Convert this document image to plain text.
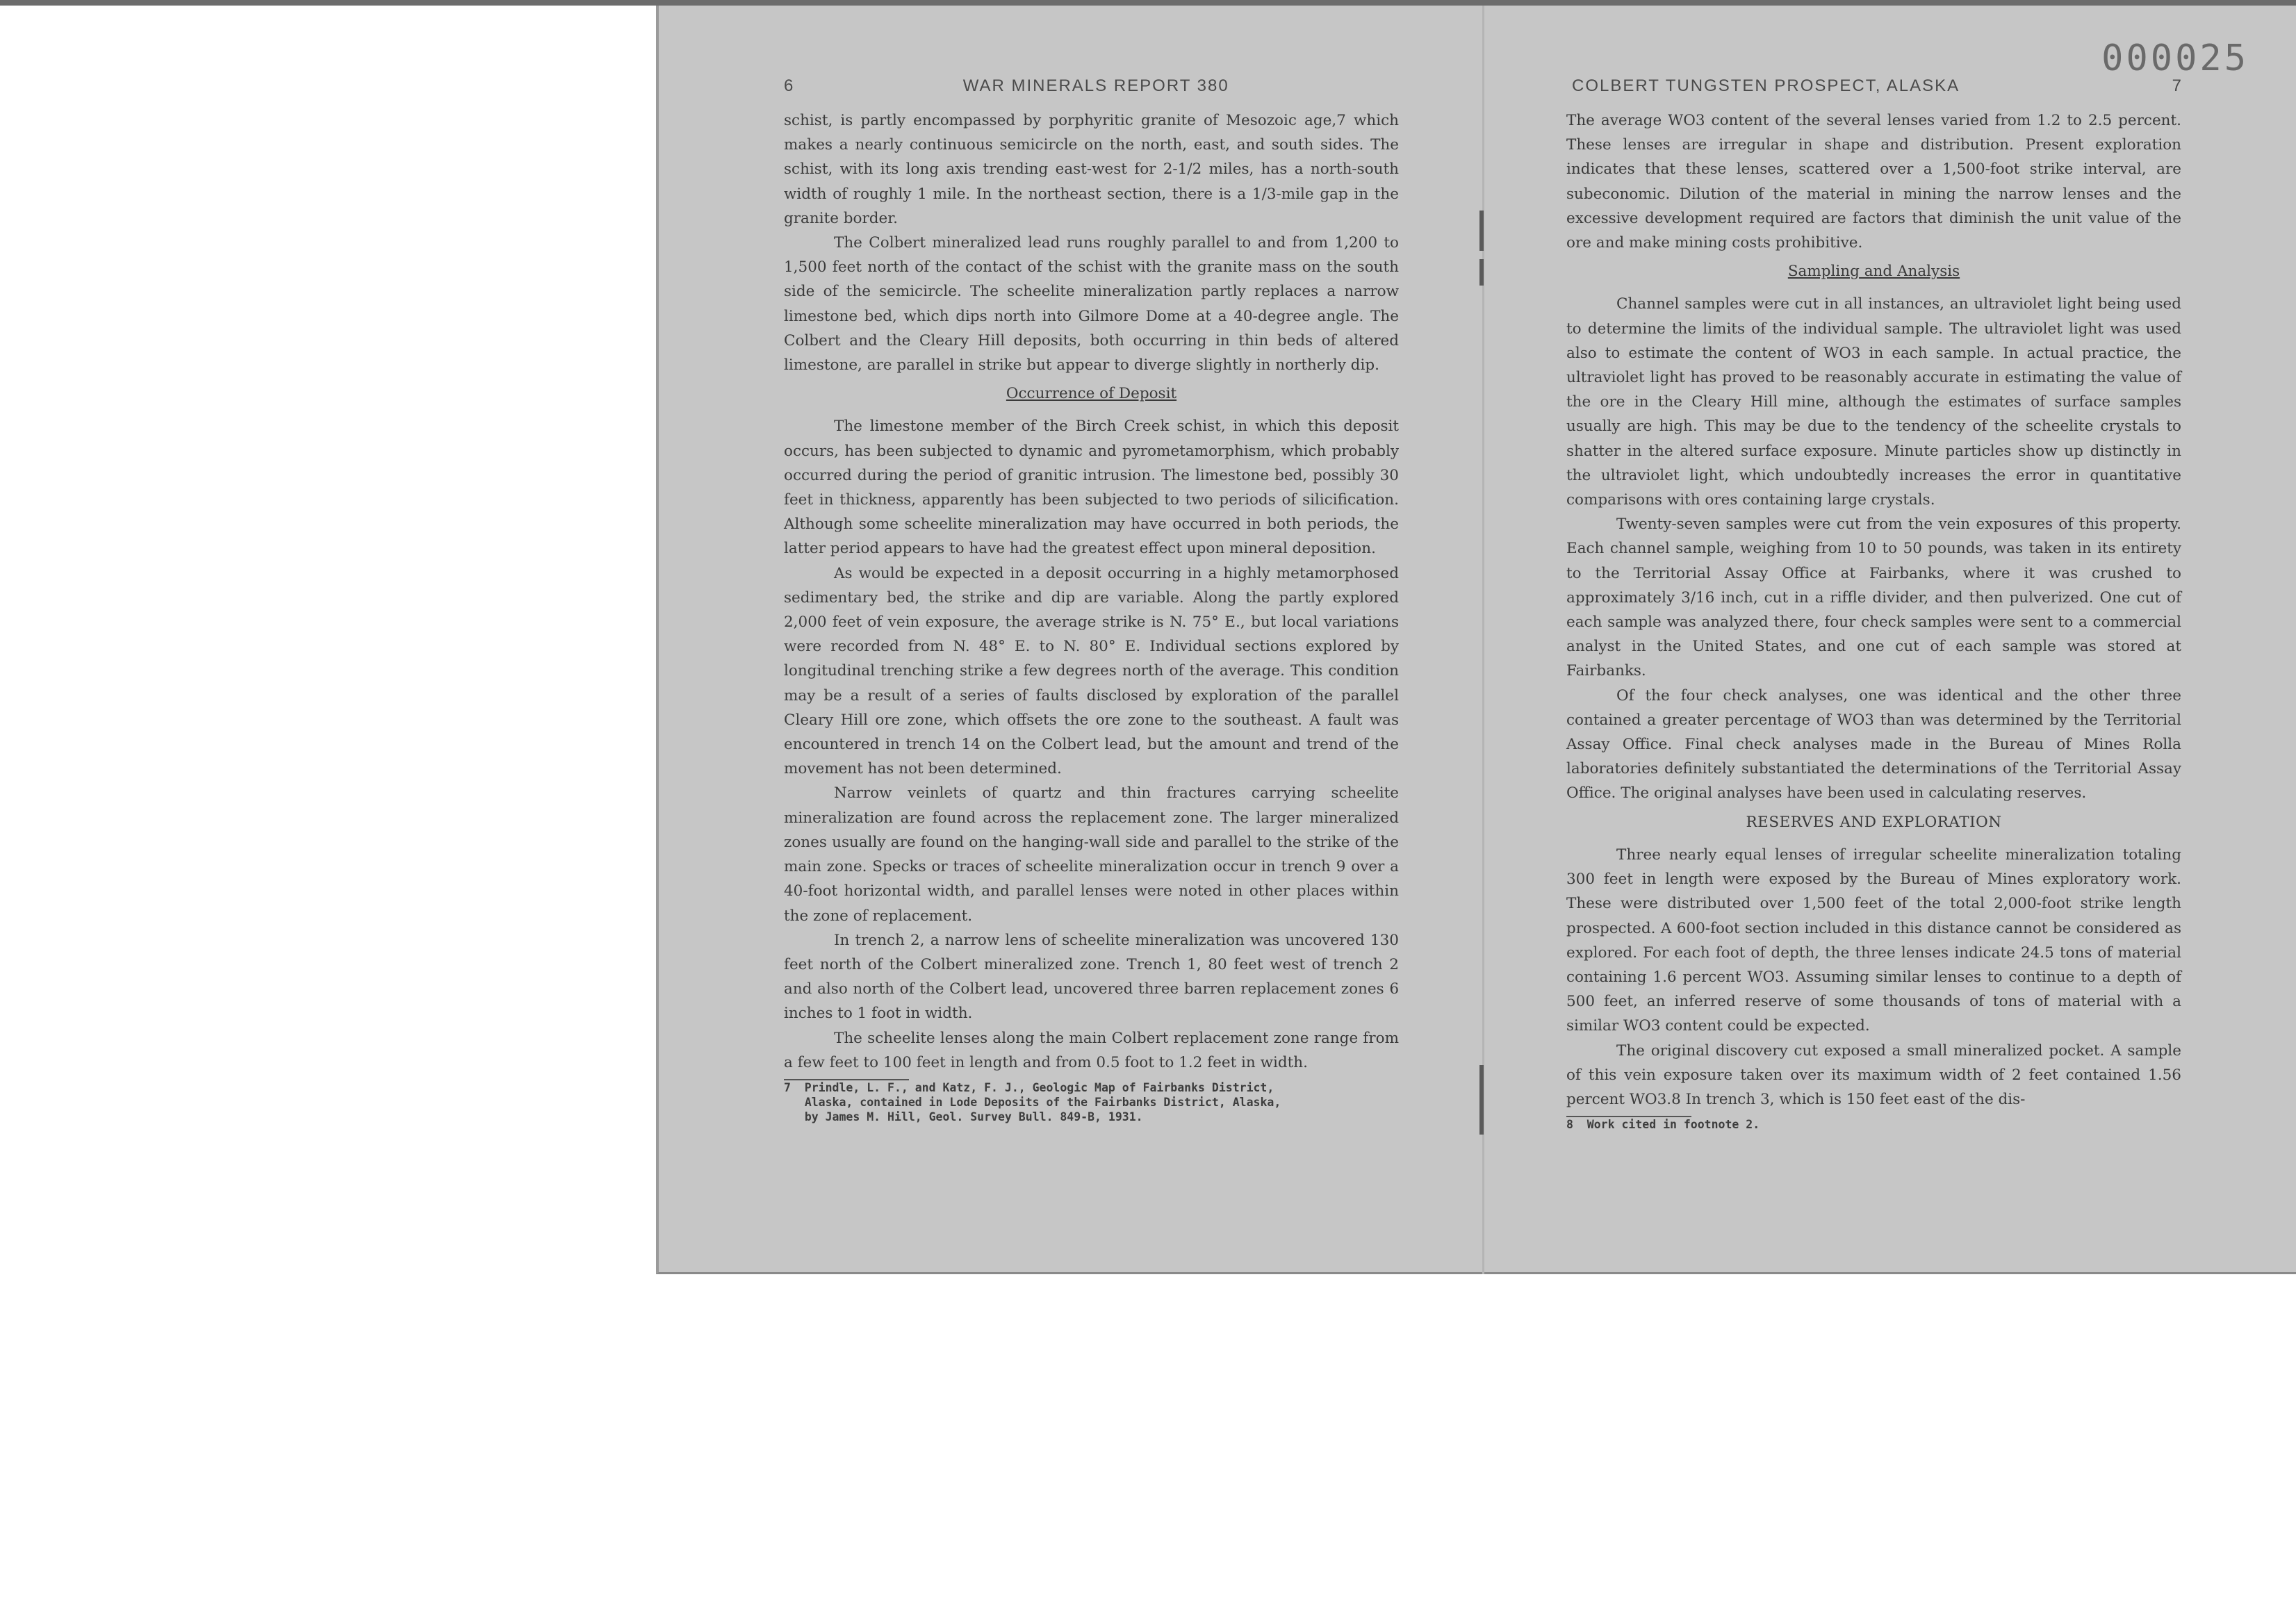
000025
6	WAR MINERALS REPORT 380

schist, is partly encompassed by porphyritic granite of Mesozoic age,7 which makes a nearly continuous semicircle on the north, east, and south sides. The schist, with its long axis trending east-west for 2-1/2 miles, has a north-south width of roughly 1 mile. In the northeast section, there is a 1/3-mile gap in the granite border.

The Colbert mineralized lead runs roughly parallel to and from 1,200 to 1,500 feet north of the contact of the schist with the granite mass on the south side of the semicircle. The scheelite mineralization partly replaces a narrow limestone bed, which dips north into Gilmore Dome at a 40-degree angle. The Colbert and the Cleary Hill deposits, both occurring in thin beds of altered limestone, are parallel in strike but appear to diverge slightly in northerly dip.

Occurrence of Deposit

The limestone member of the Birch Creek schist, in which this deposit occurs, has been subjected to dynamic and pyrometamorphism, which probably occurred during the period of granitic intrusion. The limestone bed, possibly 30 feet in thickness, apparently has been subjected to two periods of silicification. Although some scheelite mineralization may have occurred in both periods, the latter period appears to have had the greatest effect upon mineral deposition.

As would be expected in a deposit occurring in a highly metamorphosed sedimentary bed, the strike and dip are variable. Along the partly explored 2,000 feet of vein exposure, the average strike is N. 75° E., but local variations were recorded from N. 48° E. to N. 80° E. Individual sections explored by longitudinal trenching strike a few degrees north of the average. This condition may be a result of a series of faults disclosed by exploration of the parallel Cleary Hill ore zone, which offsets the ore zone to the southeast. A fault was encountered in trench 14 on the Colbert lead, but the amount and trend of the movement has not been determined.

Narrow veinlets of quartz and thin fractures carrying scheelite mineralization are found across the replacement zone. The larger mineralized zones usually are found on the hanging-wall side and parallel to the strike of the main zone. Specks or traces of scheelite mineralization occur in trench 9 over a 40-foot horizontal width, and parallel lenses were noted in other places within the zone of replacement.

In trench 2, a narrow lens of scheelite mineralization was uncovered 130 feet north of the Colbert mineralized zone. Trench 1, 80 feet west of trench 2 and also north of the Colbert lead, uncovered three barren replacement zones 6 inches to 1 foot in width.

The scheelite lenses along the main Colbert replacement zone range from a few feet to 100 feet in length and from 0.5 foot to 1.2 feet in width.

7  Prindle, L. F., and Katz, F. J., Geologic Map of Fairbanks District,
Alaska, contained in Lode Deposits of the Fairbanks District, Alaska,
by James M. Hill, Geol. Survey Bull. 849-B, 1931.

COLBERT TUNGSTEN PROSPECT, ALASKA	7

The average WO3 content of the several lenses varied from 1.2 to 2.5 percent. These lenses are irregular in shape and distribution. Present exploration indicates that these lenses, scattered over a 1,500-foot strike interval, are subeconomic. Dilution of the material in mining the narrow lenses and the excessive development required are factors that diminish the unit value of the ore and make mining costs prohibitive.

Sampling and Analysis

Channel samples were cut in all instances, an ultraviolet light being used to determine the limits of the individual sample. The ultraviolet light was used also to estimate the content of WO3 in each sample. In actual practice, the ultraviolet light has proved to be reasonably accurate in estimating the value of the ore in the Cleary Hill mine, although the estimates of surface samples usually are high. This may be due to the tendency of the scheelite crystals to shatter in the altered surface exposure. Minute particles show up distinctly in the ultraviolet light, which undoubtedly increases the error in quantitative comparisons with ores containing large crystals.

Twenty-seven samples were cut from the vein exposures of this property. Each channel sample, weighing from 10 to 50 pounds, was taken in its entirety to the Territorial Assay Office at Fairbanks, where it was crushed to approximately 3/16 inch, cut in a riffle divider, and then pulverized. One cut of each sample was analyzed there, four check samples were sent to a commercial analyst in the United States, and one cut of each sample was stored at Fairbanks.

Of the four check analyses, one was identical and the other three contained a greater percentage of WO3 than was determined by the Territorial Assay Office. Final check analyses made in the Bureau of Mines Rolla laboratories definitely substantiated the determinations of the Territorial Assay Office. The original analyses have been used in calculating reserves.

RESERVES AND EXPLORATION

Three nearly equal lenses of irregular scheelite mineralization totaling 300 feet in length were exposed by the Bureau of Mines exploratory work. These were distributed over 1,500 feet of the total 2,000-foot strike length prospected. A 600-foot section included in this distance cannot be considered as explored. For each foot of depth, the three lenses indicate 24.5 tons of material containing 1.6 percent WO3. Assuming similar lenses to continue to a depth of 500 feet, an inferred reserve of some thousands of tons of material with a similar WO3 content could be expected.

The original discovery cut exposed a small mineralized pocket. A sample of this vein exposure taken over its maximum width of 2 feet contained 1.56 percent WO3.8 In trench 3, which is 150 feet east of the dis-

8  Work cited in footnote 2.
